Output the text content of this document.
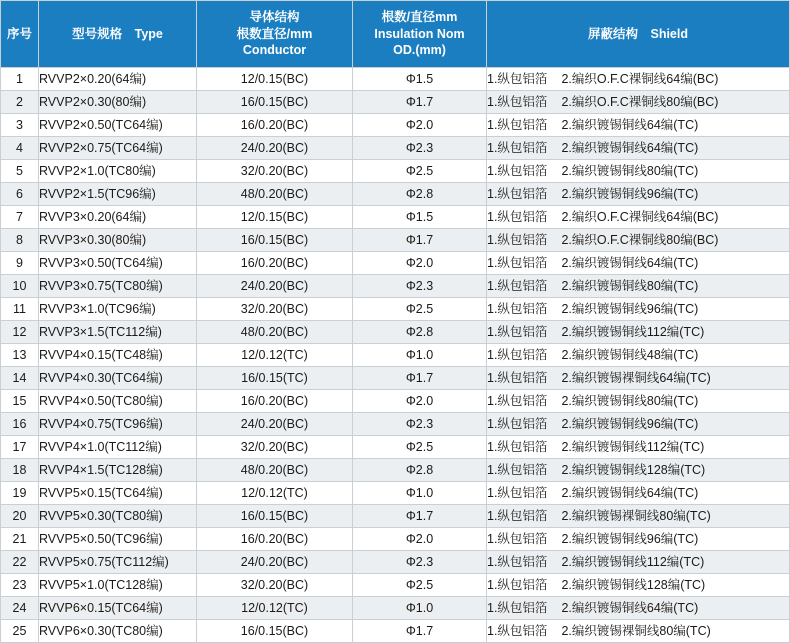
序号	型号规格　Type	导体结构
根数直径/mm
Conductor	根数/直径mm
Insulation Nom
OD.(mm)	屏蔽结构　Shield

1	RVVP2×0.20(64编)	12/0.15(BC)	Φ1.5	1.纵包铝箔 2.编织O.F.C裸铜线64编(BC)
2	RVVP2×0.30(80编)	16/0.15(BC)	Φ1.7	1.纵包铝箔 2.编织O.F.C裸铜线80编(BC)
3	RVVP2×0.50(TC64编)	16/0.20(BC)	Φ2.0	1.纵包铝箔 2.编织镀锡铜线64编(TC)
4	RVVP2×0.75(TC64编)	24/0.20(BC)	Φ2.3	1.纵包铝箔 2.编织镀锡铜线64编(TC)
5	RVVP2×1.0(TC80编)	32/0.20(BC)	Φ2.5	1.纵包铝箔 2.编织镀锡铜线80编(TC)
6	RVVP2×1.5(TC96编)	48/0.20(BC)	Φ2.8	1.纵包铝箔 2.编织镀锡铜线96编(TC)
7	RVVP3×0.20(64编)	12/0.15(BC)	Φ1.5	1.纵包铝箔 2.编织O.F.C裸铜线64编(BC)
8	RVVP3×0.30(80编)	16/0.15(BC)	Φ1.7	1.纵包铝箔 2.编织O.F.C裸铜线80编(BC)
9	RVVP3×0.50(TC64编)	16/0.20(BC)	Φ2.0	1.纵包铝箔 2.编织镀锡铜线64编(TC)
10	RVVP3×0.75(TC80编)	24/0.20(BC)	Φ2.3	1.纵包铝箔 2.编织镀锡铜线80编(TC)
11	RVVP3×1.0(TC96编)	32/0.20(BC)	Φ2.5	1.纵包铝箔 2.编织镀锡铜线96编(TC)
12	RVVP3×1.5(TC112编)	48/0.20(BC)	Φ2.8	1.纵包铝箔 2.编织镀锡铜线112编(TC)
13	RVVP4×0.15(TC48编)	12/0.12(TC)	Φ1.0	1.纵包铝箔 2.编织镀锡铜线48编(TC)
14	RVVP4×0.30(TC64编)	16/0.15(TC)	Φ1.7	1.纵包铝箔 2.编织镀锡裸铜线64编(TC)
15	RVVP4×0.50(TC80编)	16/0.20(BC)	Φ2.0	1.纵包铝箔 2.编织镀锡铜线80编(TC)
16	RVVP4×0.75(TC96编)	24/0.20(BC)	Φ2.3	1.纵包铝箔 2.编织镀锡铜线96编(TC)
17	RVVP4×1.0(TC112编)	32/0.20(BC)	Φ2.5	1.纵包铝箔 2.编织镀锡铜线112编(TC)
18	RVVP4×1.5(TC128编)	48/0.20(BC)	Φ2.8	1.纵包铝箔 2.编织镀锡铜线128编(TC)
19	RVVP5×0.15(TC64编)	12/0.12(TC)	Φ1.0	1.纵包铝箔 2.编织镀锡铜线64编(TC)
20	RVVP5×0.30(TC80编)	16/0.15(BC)	Φ1.7	1.纵包铝箔 2.编织镀锡裸铜线80编(TC)
21	RVVP5×0.50(TC96编)	16/0.20(BC)	Φ2.0	1.纵包铝箔 2.编织镀锡铜线96编(TC)
22	RVVP5×0.75(TC112编)	24/0.20(BC)	Φ2.3	1.纵包铝箔 2.编织镀锡铜线112编(TC)
23	RVVP5×1.0(TC128编)	32/0.20(BC)	Φ2.5	1.纵包铝箔 2.编织镀锡铜线128编(TC)
24	RVVP6×0.15(TC64编)	12/0.12(TC)	Φ1.0	1.纵包铝箔 2.编织镀锡铜线64编(TC)
25	RVVP6×0.30(TC80编)	16/0.15(BC)	Φ1.7	1.纵包铝箔 2.编织镀锡裸铜线80编(TC)
